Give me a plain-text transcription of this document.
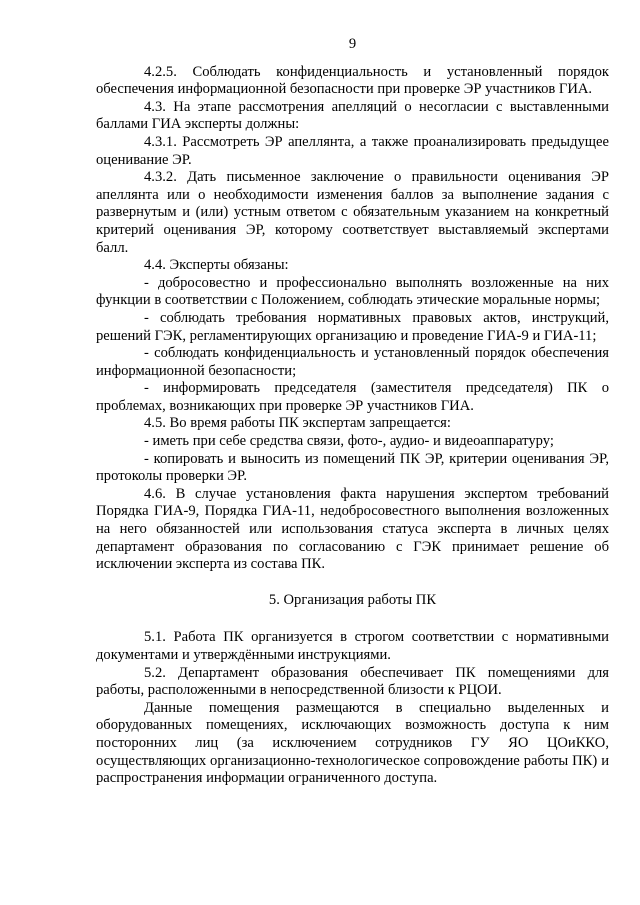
9

4.2.5. Соблюдать конфиденциальность и установленный порядок обеспечения информационной безопасности при проверке ЭР участников ГИА.

4.3. На этапе рассмотрения апелляций о несогласии с выставленными баллами ГИА эксперты должны:

4.3.1. Рассмотреть ЭР апеллянта, а также проанализировать предыдущее оценивание ЭР.

4.3.2. Дать письменное заключение о правильности оценивания ЭР апеллянта или о необходимости изменения баллов за выполнение задания с развернутым и (или) устным ответом с обязательным указанием на конкретный критерий оценивания ЭР, которому соответствует выставляемый экспертами балл.

4.4. Эксперты обязаны:

- добросовестно и профессионально выполнять возложенные на них функции в соответствии с Положением, соблюдать этические моральные нормы;

- соблюдать требования нормативных правовых актов, инструкций, решений ГЭК, регламентирующих организацию и проведение ГИА-9 и ГИА-11;

- соблюдать конфиденциальность и установленный порядок обеспечения информационной безопасности;

- информировать председателя (заместителя председателя) ПК о проблемах, возникающих при проверке ЭР участников ГИА.

4.5. Во время работы ПК экспертам запрещается:

- иметь при себе средства связи, фото-, аудио- и видеоаппаратуру;

- копировать и выносить из помещений ПК ЭР, критерии оценивания ЭР, протоколы проверки ЭР.

4.6. В случае установления факта нарушения экспертом требований Порядка ГИА-9, Порядка ГИА-11, недобросовестного выполнения возложенных на него обязанностей или использования статуса эксперта в личных целях департамент образования по согласованию с ГЭК принимает решение об исключении эксперта из состава ПК.

5. Организация работы ПК

5.1. Работа ПК организуется в строгом соответствии с нормативными документами и утверждёнными инструкциями.

5.2. Департамент образования обеспечивает ПК помещениями для работы, расположенными в непосредственной близости к РЦОИ.

Данные помещения размещаются в специально выделенных и оборудованных помещениях, исключающих возможность доступа к ним посторонних лиц (за исключением сотрудников ГУ ЯО ЦОиККО, осуществляющих организационно-технологическое сопровождение работы ПК) и распространения информации ограниченного доступа.
